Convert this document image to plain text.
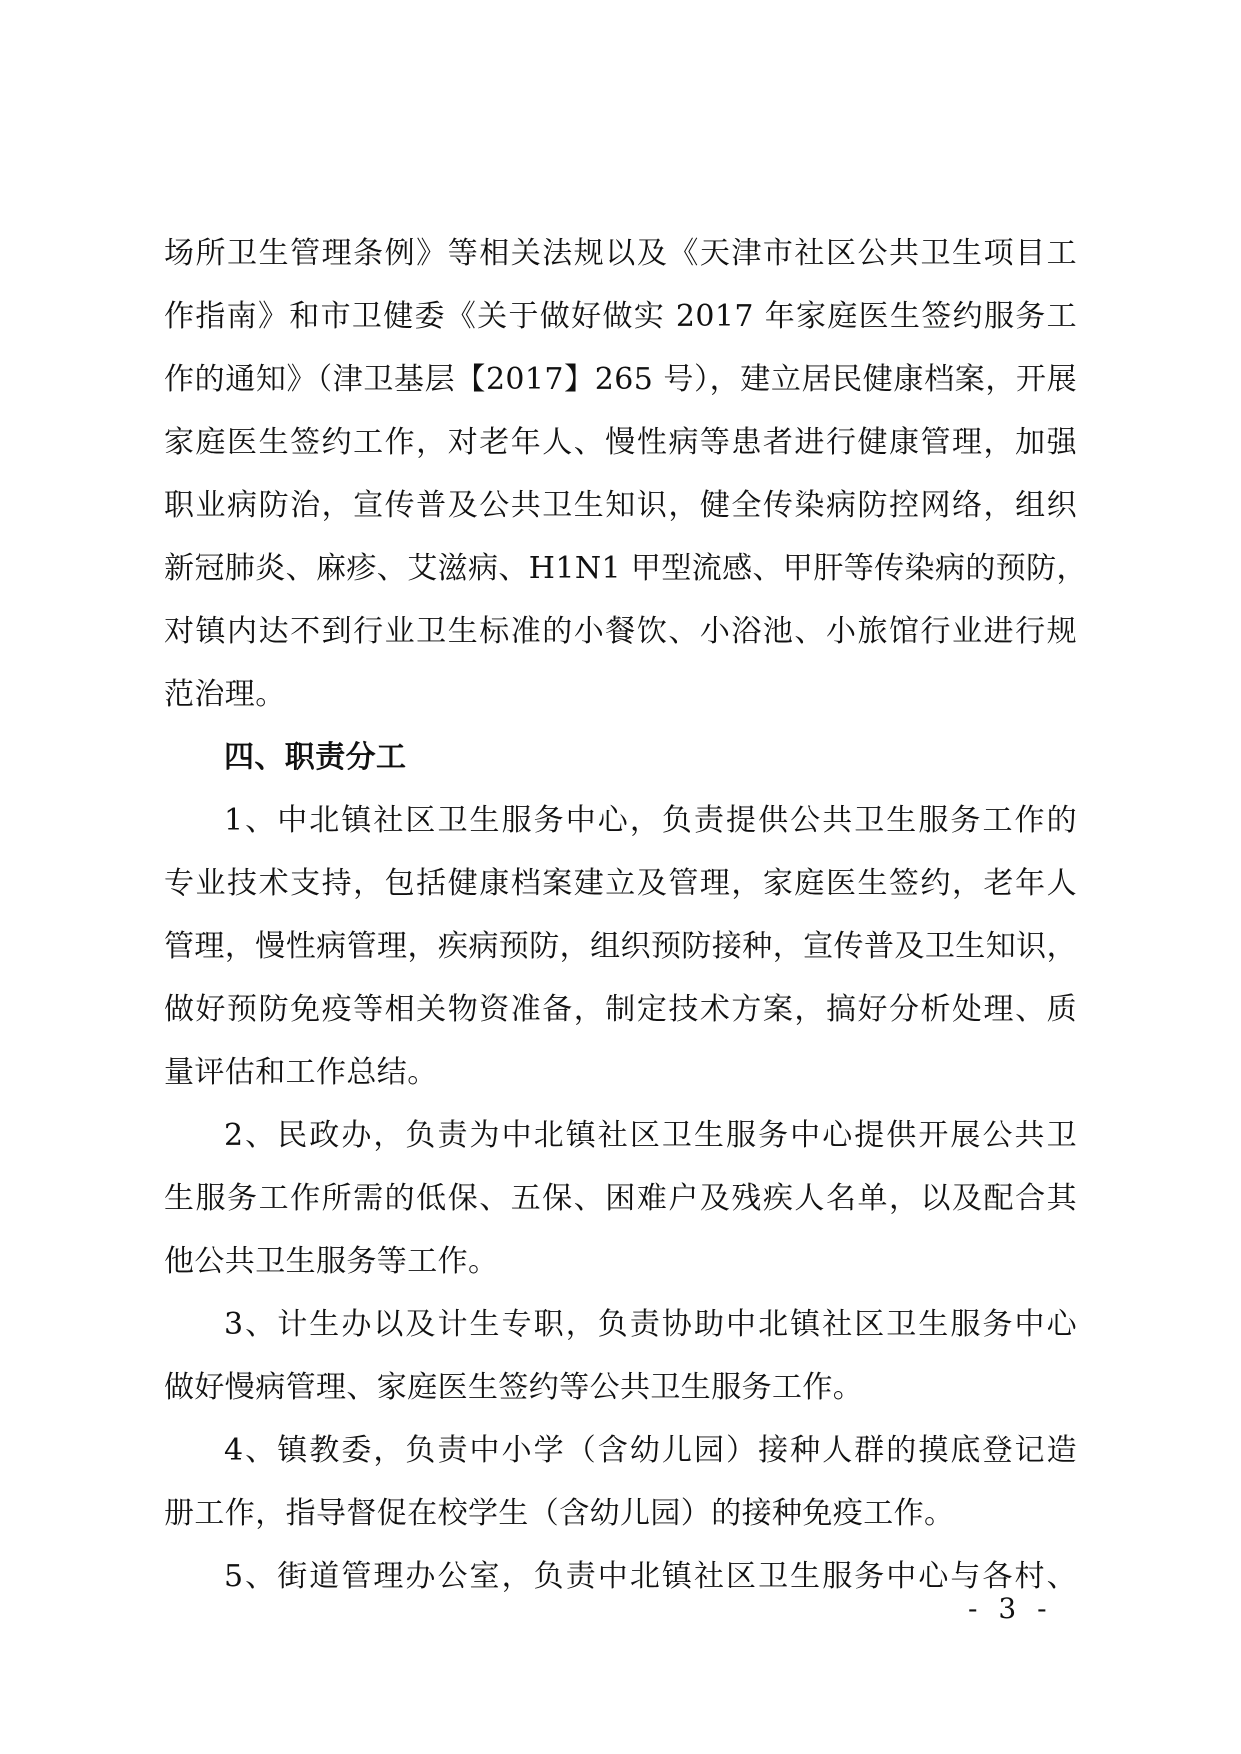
场所卫生管理条例》等相关法规以及《天津市社区公共卫生项目工
作指南》和市卫健委《关于做好做实 2017 年家庭医生签约服务工
作的通知》（津卫基层【2017】265 号），建立居民健康档案，开展
家庭医生签约工作，对老年人、慢性病等患者进行健康管理，加强
职业病防治，宣传普及公共卫生知识，健全传染病防控网络，组织
新冠肺炎、麻疹、艾滋病、H1N1 甲型流感、甲肝等传染病的预防，
对镇内达不到行业卫生标准的小餐饮、小浴池、小旅馆行业进行规
范治理。
四、职责分工
1、中北镇社区卫生服务中心，负责提供公共卫生服务工作的
专业技术支持，包括健康档案建立及管理，家庭医生签约，老年人
管理，慢性病管理，疾病预防，组织预防接种，宣传普及卫生知识，
做好预防免疫等相关物资准备，制定技术方案，搞好分析处理、质
量评估和工作总结。
2、民政办，负责为中北镇社区卫生服务中心提供开展公共卫
生服务工作所需的低保、五保、困难户及残疾人名单，以及配合其
他公共卫生服务等工作。
3、计生办以及计生专职，负责协助中北镇社区卫生服务中心
做好慢病管理、家庭医生签约等公共卫生服务工作。
4、镇教委，负责中小学（含幼儿园）接种人群的摸底登记造
册工作，指导督促在校学生（含幼儿园）的接种免疫工作。
5、街道管理办公室，负责中北镇社区卫生服务中心与各村、
- 3 -
